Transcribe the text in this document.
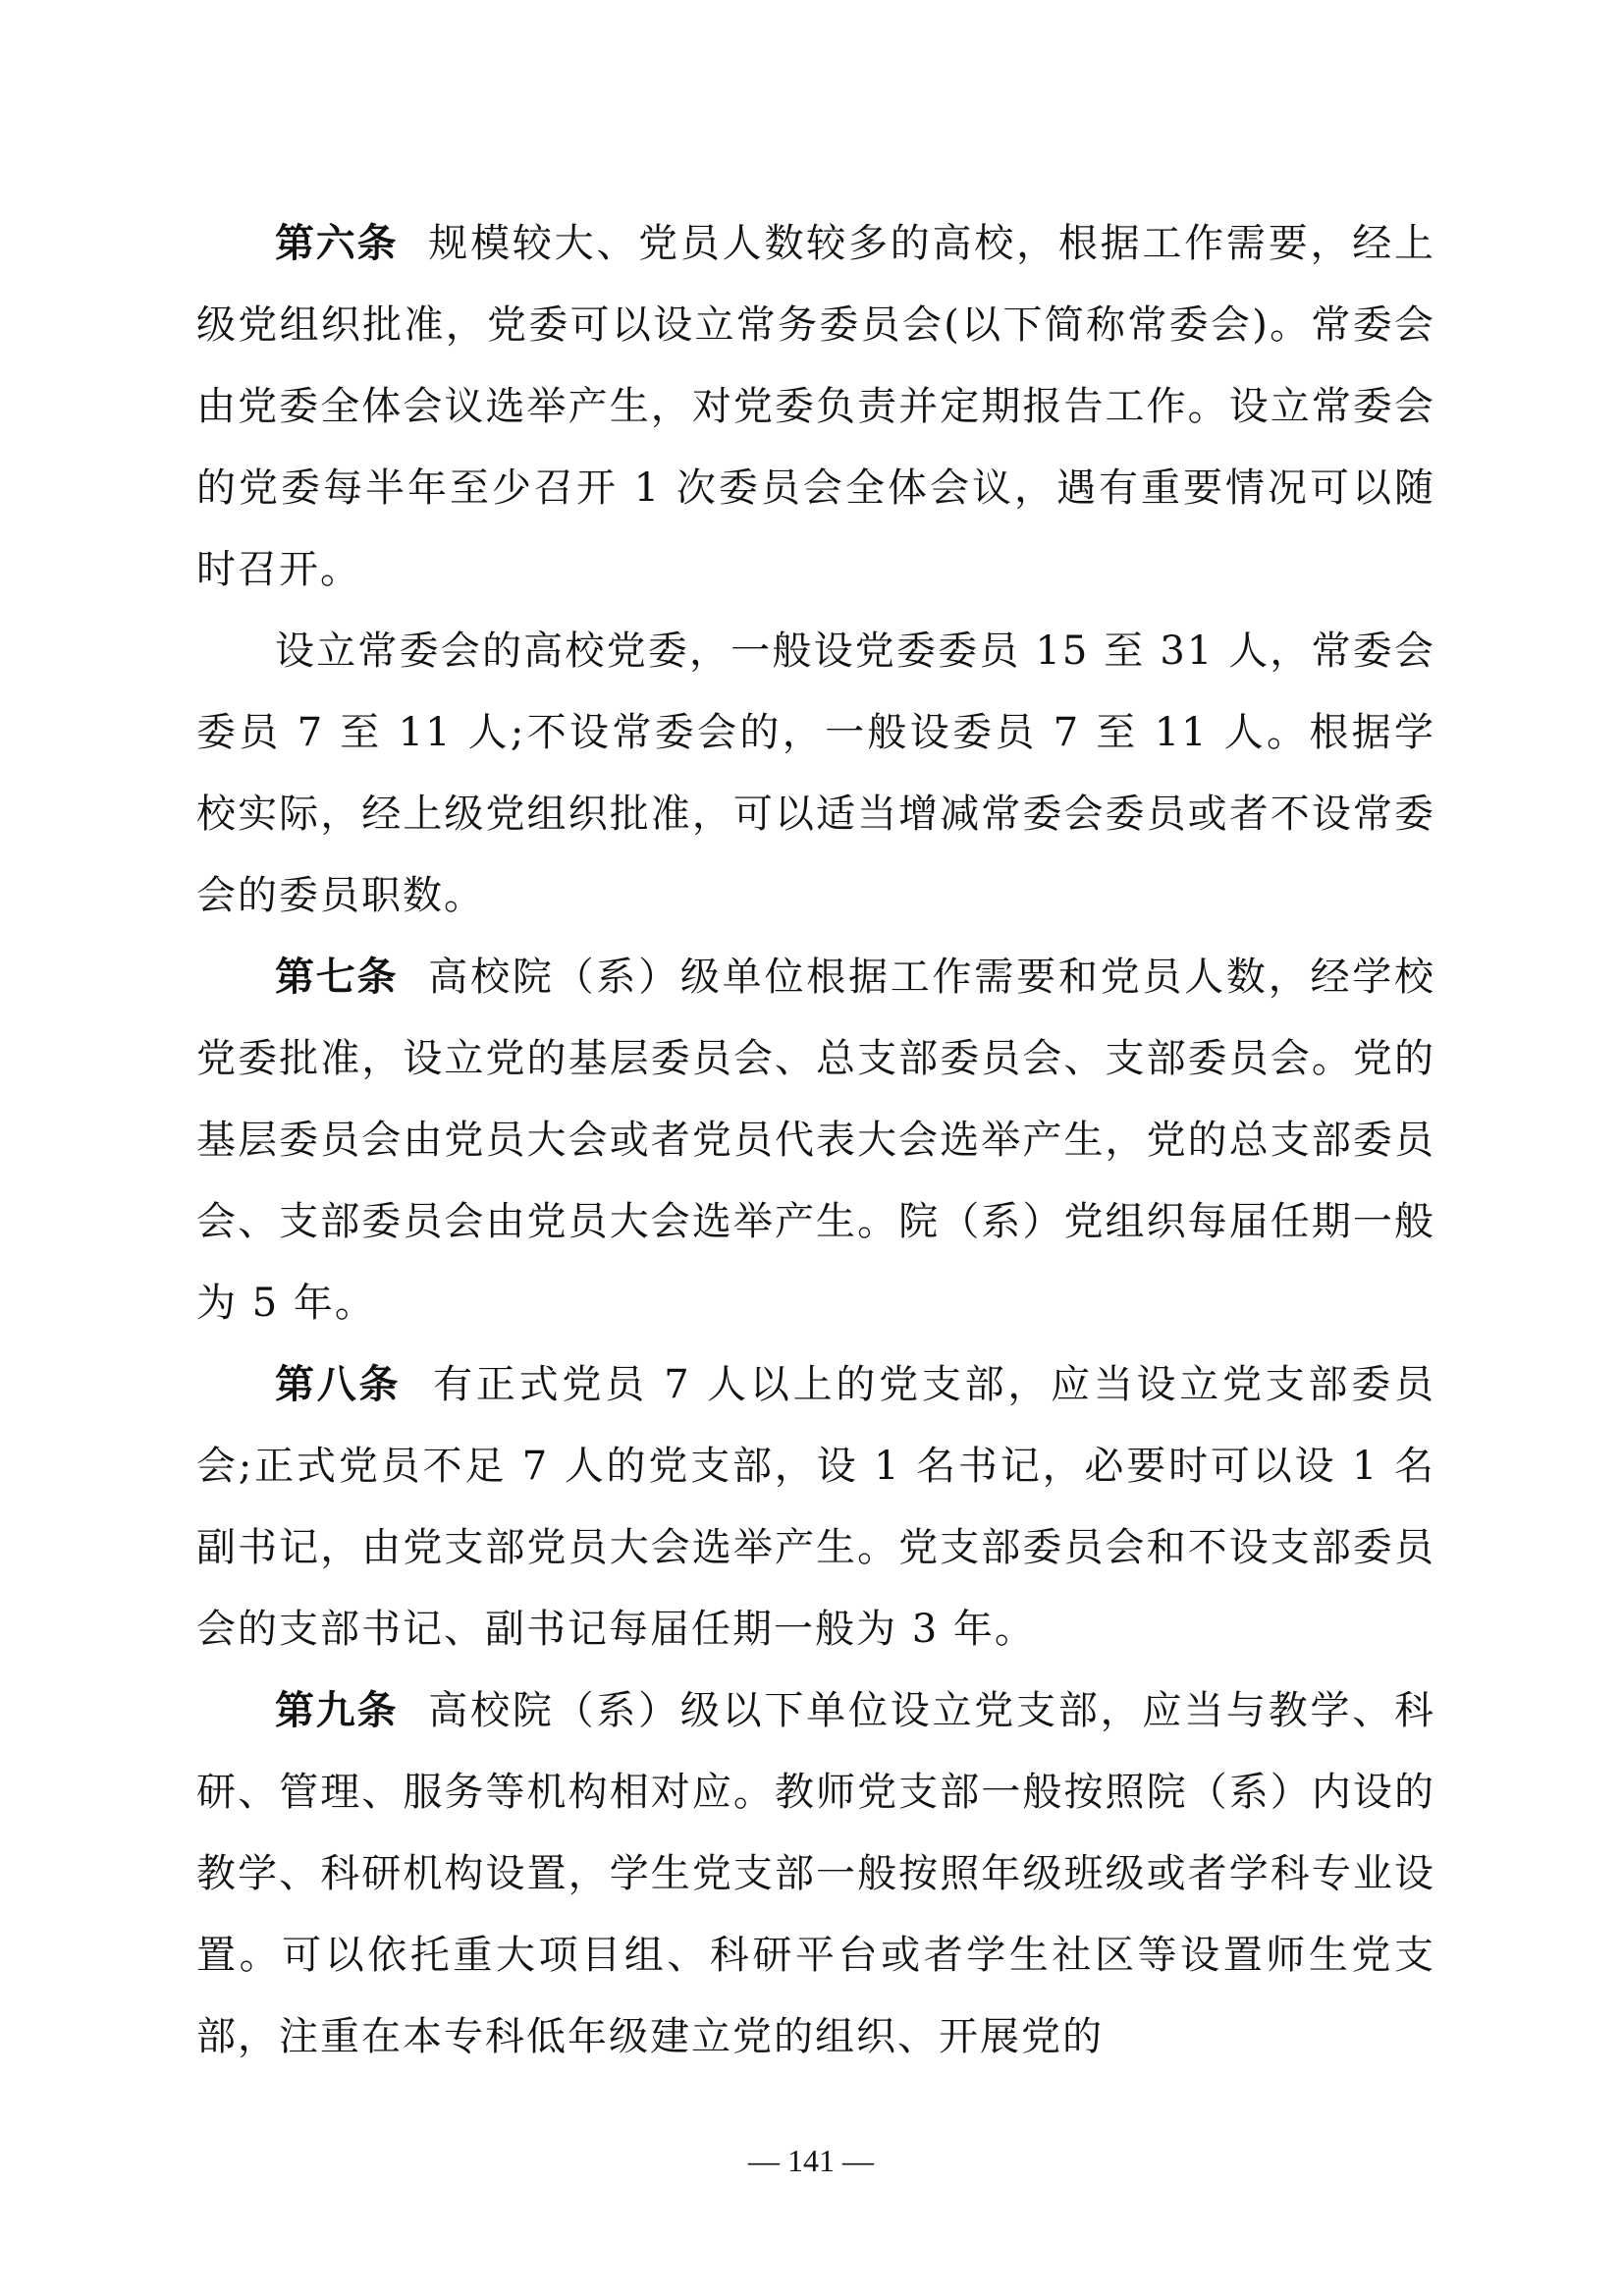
第六条 规模较大、党员人数较多的高校，根据工作需要，经上级党组织批准，党委可以设立常务委员会(以下简称常委会)。常委会由党委全体会议选举产生，对党委负责并定期报告工作。设立常委会的党委每半年至少召开 1 次委员会全体会议，遇有重要情况可以随时召开。

设立常委会的高校党委，一般设党委委员 15 至 31 人，常委会委员 7 至 11 人;不设常委会的，一般设委员 7 至 11 人。根据学校实际，经上级党组织批准，可以适当增减常委会委员或者不设常委会的委员职数。

第七条 高校院（系）级单位根据工作需要和党员人数，经学校党委批准，设立党的基层委员会、总支部委员会、支部委员会。党的基层委员会由党员大会或者党员代表大会选举产生，党的总支部委员会、支部委员会由党员大会选举产生。院（系）党组织每届任期一般为 5 年。

第八条 有正式党员 7 人以上的党支部，应当设立党支部委员会;正式党员不足 7 人的党支部，设 1 名书记，必要时可以设 1 名副书记，由党支部党员大会选举产生。党支部委员会和不设支部委员会的支部书记、副书记每届任期一般为 3 年。

第九条 高校院（系）级以下单位设立党支部，应当与教学、科研、管理、服务等机构相对应。教师党支部一般按照院（系）内设的教学、科研机构设置，学生党支部一般按照年级班级或者学科专业设置。可以依托重大项目组、科研平台或者学生社区等设置师生党支部，注重在本专科低年级建立党的组织、开展党的

— 141 —
